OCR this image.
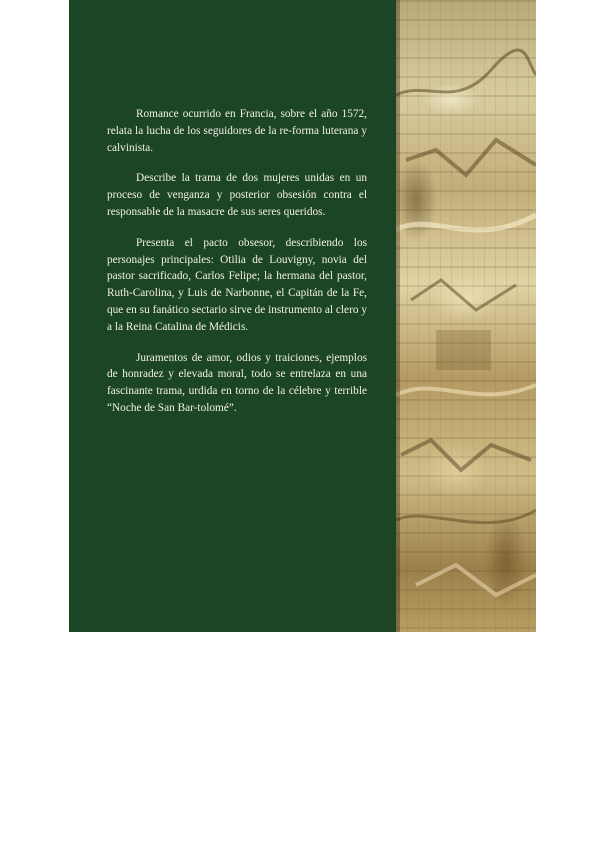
Romance ocurrido en Francia, sobre el año 1572, relata la lucha de los seguidores de la re-forma luterana y calvinista.

Describe la trama de dos mujeres unidas en un proceso de venganza y posterior obsesión contra el responsable de la masacre de sus seres queridos.

Presenta el pacto obsesor, describiendo los personajes principales: Otilia de Louvigny, novia del pastor sacrificado, Carlos Felipe; la hermana del pastor, Ruth-Carolina, y Luis de Narbonne, el Capitán de la Fe, que en su fanático sectario sirve de instrumento al clero y a la Reina Catalina de Médicis.

Juramentos de amor, odios y traiciones, ejemplos de honradez y elevada moral, todo se entrelaza en una fascinante trama, urdida en torno de la célebre y terrible “Noche de San Bar-tolomé”.
